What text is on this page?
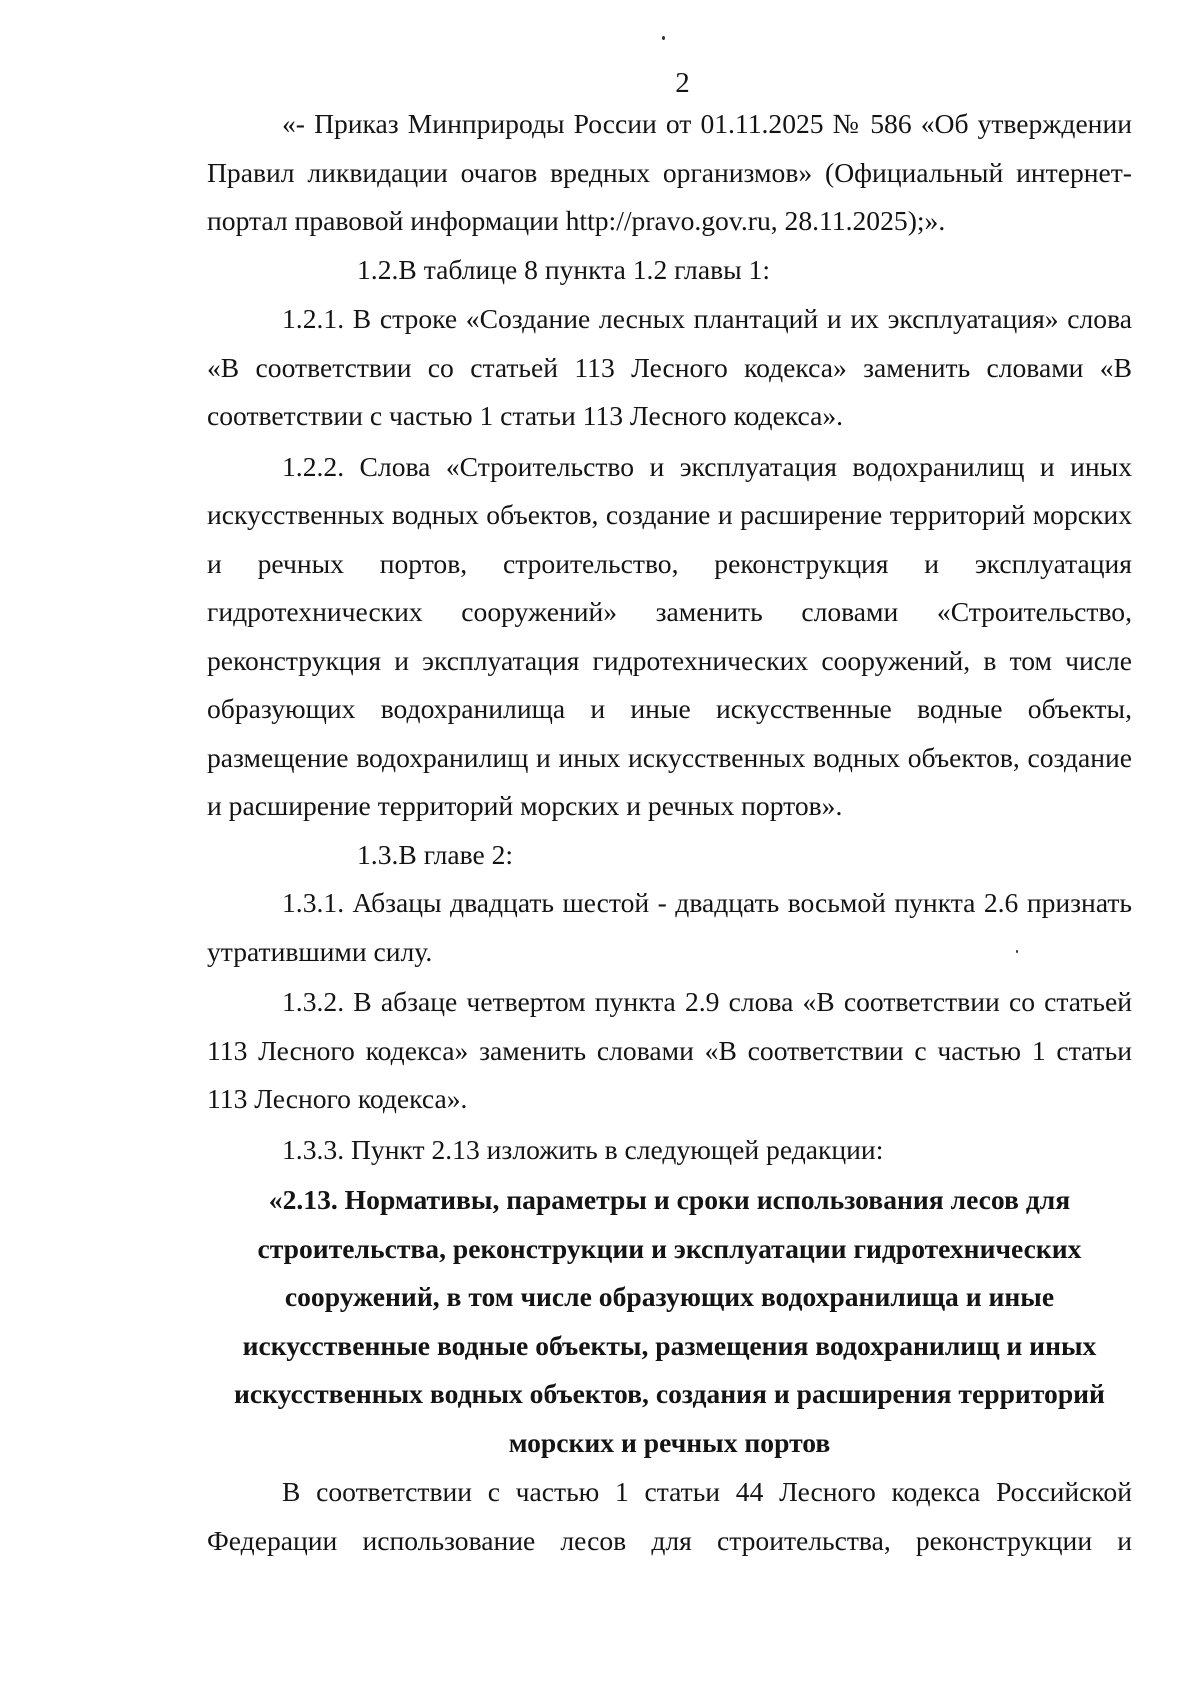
2

«- Приказ Минприроды России от 01.11.2025 № 586 «Об утверждении Правил ликвидации очагов вредных организмов» (Официальный интернет-портал правовой информации http://pravo.gov.ru, 28.11.2025);».

1.2.В таблице 8 пункта 1.2 главы 1:

1.2.1. В строке «Создание лесных плантаций и их эксплуатация» слова «В соответствии со статьей 113 Лесного кодекса» заменить словами «В соответствии с частью 1 статьи 113 Лесного кодекса».

1.2.2. Слова «Строительство и эксплуатация водохранилищ и иных искусственных водных объектов, создание и расширение территорий морских и речных портов, строительство, реконструкция и эксплуатация гидротехнических сооружений» заменить словами «Строительство, реконструкция и эксплуатация гидротехнических сооружений, в том числе образующих водохранилища и иные искусственные водные объекты, размещение водохранилищ и иных искусственных водных объектов, создание и расширение территорий морских и речных портов».

1.3.В главе 2:

1.3.1. Абзацы двадцать шестой - двадцать восьмой пункта 2.6 признать утратившими силу.

1.3.2. В абзаце четвертом пункта 2.9 слова «В соответствии со статьей 113 Лесного кодекса» заменить словами «В соответствии с частью 1 статьи 113 Лесного кодекса».

1.3.3. Пункт 2.13 изложить в следующей редакции:

«2.13. Нормативы, параметры и сроки использования лесов для

строительства, реконструкции и эксплуатации гидротехнических

сооружений, в том числе образующих водохранилища и иные

искусственные водные объекты, размещения водохранилищ и иных

искусственных водных объектов, создания и расширения территорий

морских и речных портов

В соответствии с частью 1 статьи 44 Лесного кодекса Российской Федерации использование лесов для строительства, реконструкции и
